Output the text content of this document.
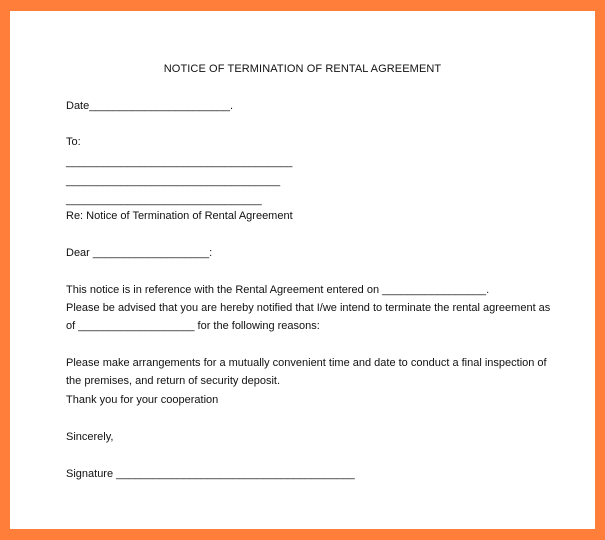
NOTICE OF TERMINATION OF RENTAL AGREEMENT
Date_______________________.
To:
_____________________________________
___________________________________
________________________________
Re: Notice of Termination of Rental Agreement
Dear ___________________:
This notice is in reference with the Rental Agreement entered on _________________.
Please be advised that you are hereby notified that I/we intend to terminate the rental agreement as
of ___________________ for the following reasons:
Please make arrangements for a mutually convenient time and date to conduct a final inspection of
the premises, and return of security deposit.
Thank you for your cooperation
Sincerely,
Signature _______________________________________
